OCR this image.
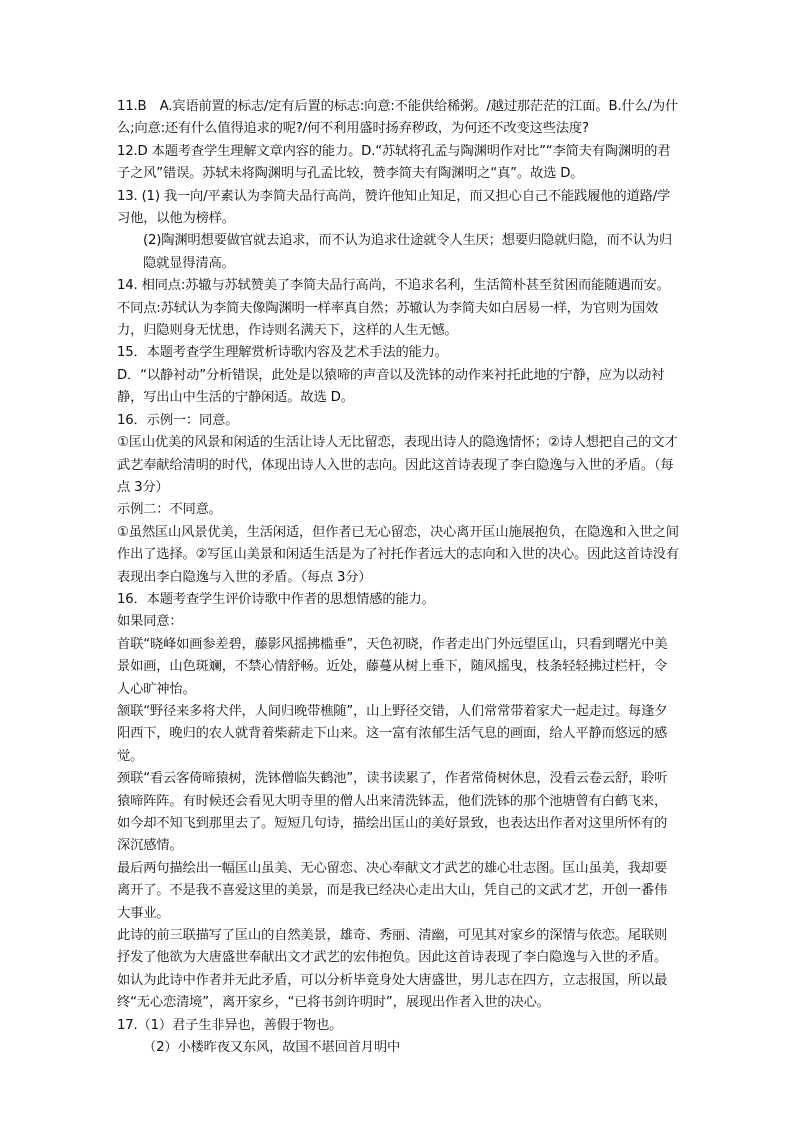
11.B　A.宾语前置的标志/定有后置的标志:向意:不能供给稀粥。/越过那茫茫的江面。B.什么/为什么;向意:还有什么值得追求的呢?/何不利用盛时扬弃秽政，为何还不改变这些法度?

12.D 本题考查学生理解文章内容的能力。D.“苏轼将孔孟与陶渊明作对比”“李简夫有陶渊明的君子之风”错误。苏轼未将陶渊明与孔孟比较，赞李简夫有陶渊明之“真”。故选 D。

13. (1) 我一向/平素认为李简夫品行高尚，赞许他知止知足，而又担心自己不能践履他的道路/学习他，以他为榜样。

(2)陶渊明想要做官就去追求，而不认为追求仕途就令人生厌；想要归隐就归隐，而不认为归隐就显得清高。

14. 相同点:苏辙与苏轼赞美了李简夫品行高尚，不追求名利，生活简朴甚至贫困而能随遇而安。不同点:苏轼认为李简夫像陶渊明一样率真自然；苏辙认为李简夫如白居易一样，为官则为国效力，归隐则身无忧患，作诗则名满天下，这样的人生无憾。

15．本题考查学生理解赏析诗歌内容及艺术手法的能力。

D．“以静衬动”分析错误，此处是以猿啼的声音以及洗钵的动作来衬托此地的宁静，应为以动衬静，写出山中生活的宁静闲适。故选 D。

16．示例一：同意。

①匡山优美的风景和闲适的生活让诗人无比留恋，表现出诗人的隐逸情怀；②诗人想把自己的文才武艺奉献给清明的时代，体现出诗人入世的志向。因此这首诗表现了李白隐逸与入世的矛盾。（每点 3分）

示例二：不同意。

①虽然匡山风景优美，生活闲适，但作者已无心留恋，决心离开匡山施展抱负，在隐逸和入世之间作出了选择。②写匡山美景和闲适生活是为了衬托作者远大的志向和入世的决心。因此这首诗没有表现出李白隐逸与入世的矛盾。（每点 3分）

16．本题考查学生评价诗歌中作者的思想情感的能力。

如果同意：

首联“晓峰如画参差碧，藤影风摇拂槛垂”，天色初晓，作者走出门外远望匡山，只看到曙光中美景如画，山色斑斓，不禁心情舒畅。近处，藤蔓从树上垂下，随风摇曳，枝条轻轻拂过栏杆，令人心旷神怡。

颔联“野径来多将犬伴，人间归晚带樵随”，山上野径交错，人们常常带着家犬一起走过。每逢夕阳西下，晚归的农人就背着柴薪走下山来。这一富有浓郁生活气息的画面，给人平静而悠远的感觉。

颈联“看云客倚啼猿树，洗钵僧临失鹤池”，读书读累了，作者常倚树休息，没看云卷云舒，聆听猿啼阵阵。有时候还会看见大明寺里的僧人出来清洗钵盂，他们洗钵的那个池塘曾有白鹤飞来，如今却不知飞到那里去了。短短几句诗，描绘出匡山的美好景致，也表达出作者对这里所怀有的深沉感情。

最后两句描绘出一幅匡山虽美、无心留恋、决心奉献文才武艺的雄心壮志图。匡山虽美，我却要离开了。不是我不喜爱这里的美景，而是我已经决心走出大山，凭自己的文武才艺，开创一番伟大事业。

此诗的前三联描写了匡山的自然美景，雄奇、秀丽、清幽，可见其对家乡的深情与依恋。尾联则抒发了他欲为大唐盛世奉献出文才武艺的宏伟抱负。因此这首诗表现了李白隐逸与入世的矛盾。

如认为此诗中作者并无此矛盾，可以分析毕竟身处大唐盛世，男儿志在四方，立志报国，所以最终“无心恋清境”，离开家乡，“已将书剑许明时”，展现出作者入世的决心。

17.（1）君子生非异也，善假于物也。

（2）小楼昨夜又东风，故国不堪回首月明中
